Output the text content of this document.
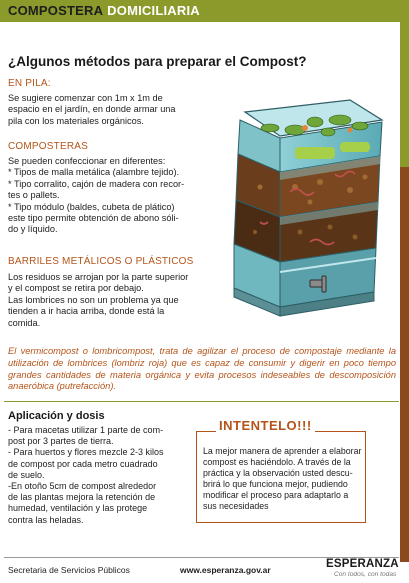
COMPOSTERA DOMICILIARIA
¿Algunos métodos para preparar el Compost?
EN PILA:
Se sugiere comenzar con 1m x 1m de
espacio en el jardín, en donde armar una
pila con los materiales orgánicos.
COMPOSTERAS
Se pueden confeccionar en diferentes:
* Tipos de malla metálica (alambre tejido).
* Tipo corralito, cajón de madera con recor-
tes o pallets.
* Tipo módulo (baldes, cubeta de plático)
este tipo permite obtención de abono sóli-
do y líquido.
BARRILES METÁLICOS O PLÁSTICOS
Los residuos se arrojan por la parte superior
y el compost se retira por debajo.
Las lombrices no son un problema ya que
tienden a ir hacia arriba, donde está la
comida.
El vermicompost o lombricompost, trata de agilizar el proceso de compostaje mediante la utilización de lombrices (lombriz roja) que es capaz de consumir y digerir en poco tiempo grandes cantidades de materia orgánica y evita procesos indeseables de descomposición anaeróbica (putrefacción).
Aplicación y dosis
- Para macetas utilizar 1 parte de com-
post por 3 partes de tierra.
- Para huertos y flores mezcle 2-3 kilos
de compost por cada metro cuadrado
de suelo.
-En otoño 5cm de compost alrededor
de las plantas mejora la retención de
humedad, ventilación y las protege
contra las heladas.
INTENTELO!!!
La mejor manera de aprender a elaborar
compost es haciéndolo. A través de la
práctica y la observación usted descu-
brirá lo que funciona mejor, pudiendo
modificar el proceso para adaptarlo a
sus necesidades
Secretaria de Servicios Públicos	www.esperanza.gov.ar	ESPERANZA
Con todos, con todas
